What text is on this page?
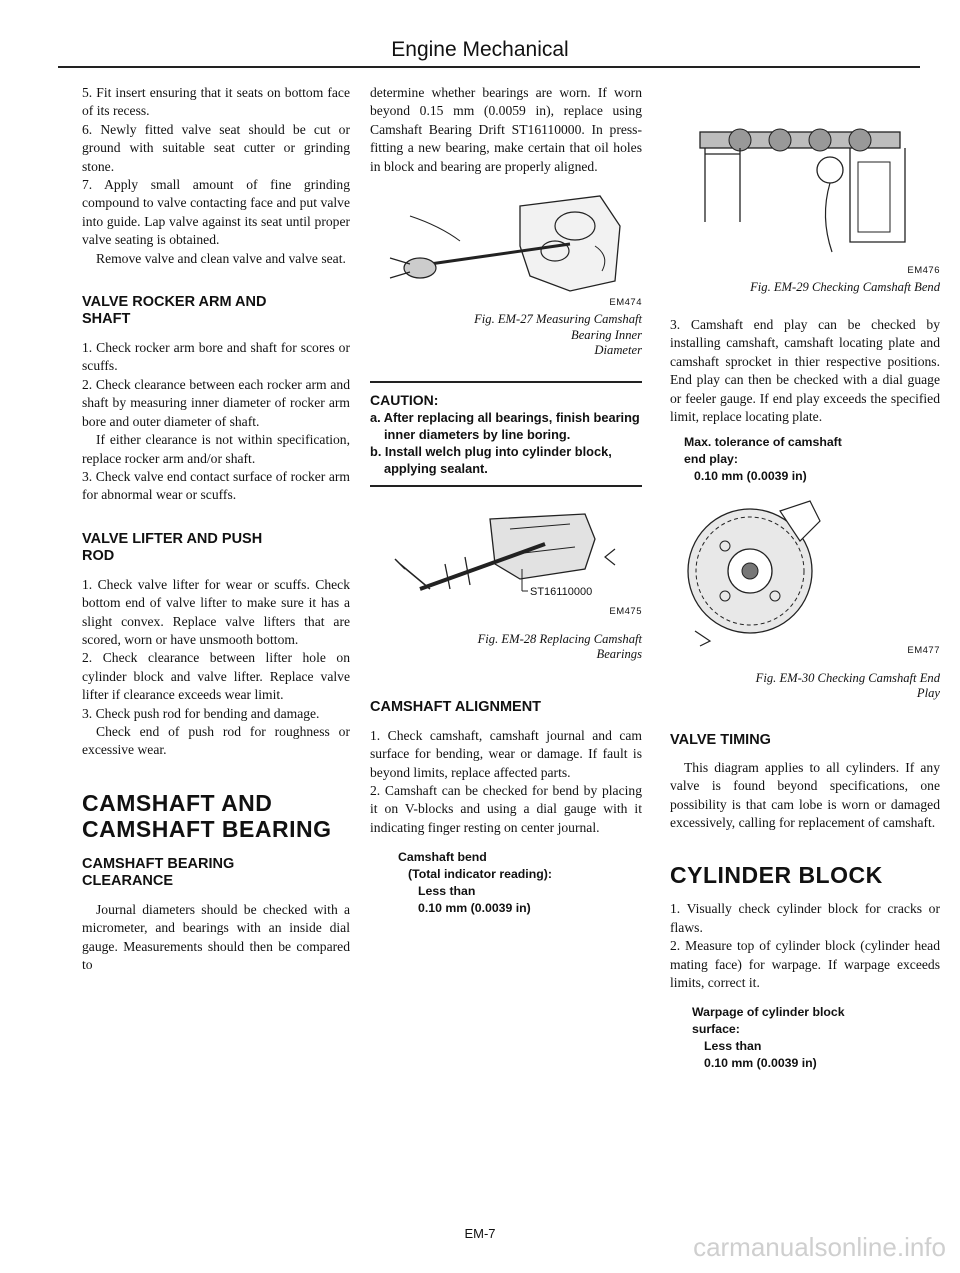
Engine Mechanical

5. Fit insert ensuring that it seats on bottom face of its recess.

6. Newly fitted valve seat should be cut or ground with suitable seat cutter or grinding stone.

7. Apply small amount of fine grinding compound to valve contacting face and put valve into guide. Lap valve against its seat until proper valve seating is obtained.

Remove valve and clean valve and valve seat.

VALVE ROCKER ARM AND SHAFT

1. Check rocker arm bore and shaft for scores or scuffs.

2. Check clearance between each rocker arm and shaft by measuring inner diameter of rocker arm bore and outer diameter of shaft.

If either clearance is not within specification, replace rocker arm and/or shaft.

3. Check valve end contact surface of rocker arm for abnormal wear or scuffs.

VALVE LIFTER AND PUSH ROD

1. Check valve lifter for wear or scuffs. Check bottom end of valve lifter to make sure it has a slight convex. Replace valve lifters that are scored, worn or have unsmooth bottom.

2. Check clearance between lifter hole on cylinder block and valve lifter. Replace valve lifter if clearance exceeds wear limit.

3. Check push rod for bending and damage.

Check end of push rod for roughness or excessive wear.

CAMSHAFT AND CAMSHAFT BEARING
CAMSHAFT BEARING CLEARANCE

Journal diameters should be checked with a micrometer, and bearings with an inside dial gauge. Measurements should then be compared to

determine whether bearings are worn. If worn beyond 0.15 mm (0.0059 in), replace using Camshaft Bearing Drift ST16110000. In press-fitting a new bearing, make certain that oil holes in block and bearing are properly aligned.

EM474
Fig. EM-27 Measuring Camshaft
Bearing Inner
Diameter
CAUTION:
a. After replacing all bearings, finish bearing inner diameters by line boring.
b. Install welch plug into cylinder block, applying sealant.
ST16110000
EM475
Fig. EM-28 Replacing Camshaft
Bearings
CAMSHAFT ALIGNMENT

1. Check camshaft, camshaft journal and cam surface for bending, wear or damage. If fault is beyond limits, replace affected parts.

2. Camshaft can be checked for bend by placing it on V-blocks and using a dial gauge with it indicating finger resting on center journal.

Camshaft bend
(Total indicator reading):
Less than
0.10 mm (0.0039 in)
EM476
Fig. EM-29 Checking Camshaft Bend

3. Camshaft end play can be checked by installing camshaft, camshaft locating plate and camshaft sprocket in thier respective positions. End play can then be checked with a dial guage or feeler gauge. If end play exceeds the specified limit, replace locating plate.

Max. tolerance of camshaft
end play:
0.10 mm (0.0039 in)
EM477
Fig. EM-30 Checking Camshaft End
Play
VALVE TIMING

This diagram applies to all cylinders. If any valve is found beyond specifications, one possibility is that cam lobe is worn or damaged excessively, calling for replacement of camshaft.

CYLINDER BLOCK

1. Visually check cylinder block for cracks or flaws.

2. Measure top of cylinder block (cylinder head mating face) for warpage. If warpage exceeds limits, correct it.

Warpage of cylinder block
surface:
Less than
0.10 mm (0.0039 in)
EM-7	carmanualsonline.info
